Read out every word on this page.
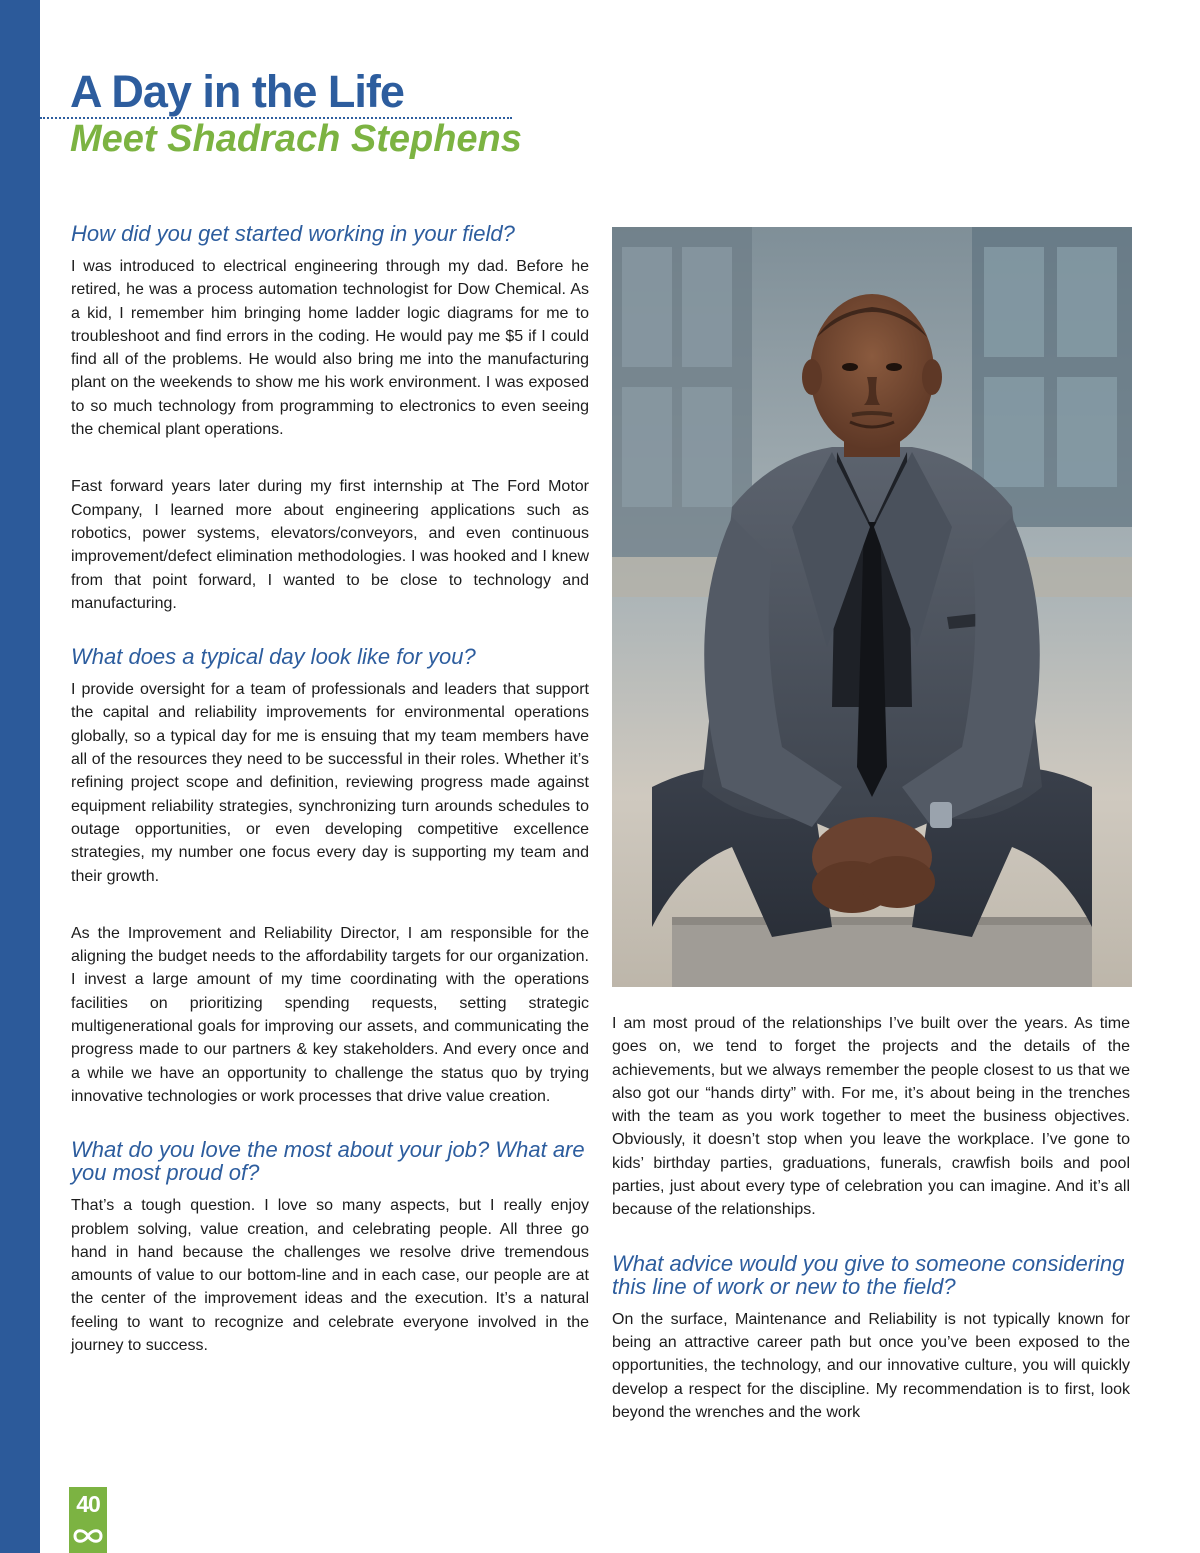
A Day in the Life
Meet Shadrach Stephens
How did you get started working in your field?

I was introduced to electrical engineering through my dad. Before he retired, he was a process automation technologist for Dow Chemical. As a kid, I remember him bringing home ladder logic diagrams for me to troubleshoot and find errors in the coding. He would pay me $5 if I could find all of the problems. He would also bring me into the manufacturing plant on the weekends to show me his work environment. I was exposed to so much technology from programming to electronics to even seeing the chemical plant operations.

Fast forward years later during my first internship at The Ford Motor Company, I learned more about engineering applications such as robotics, power systems, elevators/conveyors, and even continuous improvement/defect elimination methodologies. I was hooked and I knew from that point forward, I wanted to be close to technology and manufacturing.

What does a typical day look like for you?

I provide oversight for a team of professionals and leaders that support the capital and reliability improvements for environmental operations globally, so a typical day for me is ensuing that my team members have all of the resources they need to be successful in their roles. Whether it’s refining project scope and definition, reviewing progress made against equipment reliability strategies, synchronizing turn arounds schedules to outage opportunities, or even developing competitive excellence strategies, my number one focus every day is supporting my team and their growth.

As the Improvement and Reliability Director, I am responsible for the aligning the budget needs to the affordability targets for our organization. I invest a large amount of my time coordinating with the operations facilities on prioritizing spending requests, setting strategic multigenerational goals for improving our assets, and communicating the progress made to our partners & key stakeholders. And every once and a while we have an opportunity to challenge the status quo by trying innovative technologies or work processes that drive value creation.

What do you love the most about your job? What are you most proud of?

That’s a tough question. I love so many aspects, but I really enjoy problem solving, value creation, and celebrating people. All three go hand in hand because the challenges we resolve drive tremendous amounts of value to our bottom-line and in each case, our people are at the center of the improvement ideas and the execution. It’s a natural feeling to want to recognize and celebrate everyone involved in the journey to success.

I am most proud of the relationships I’ve built over the years. As time goes on, we tend to forget the projects and the details of the achievements, but we always remember the people closest to us that we also got our “hands dirty” with. For me, it’s about being in the trenches with the team as you work together to meet the business objectives. Obviously, it doesn’t stop when you leave the workplace. I’ve gone to kids’ birthday parties, graduations, funerals, crawfish boils and pool parties, just about every type of celebration you can imagine. And it’s all because of the relationships.

What advice would you give to someone considering this line of work or new to the field?

On the surface, Maintenance and Reliability is not typically known for being an attractive career path but once you’ve been exposed to the opportunities, the technology, and our innovative culture, you will quickly develop a respect for the discipline. My recommendation is to first, look beyond the wrenches and the work

40
